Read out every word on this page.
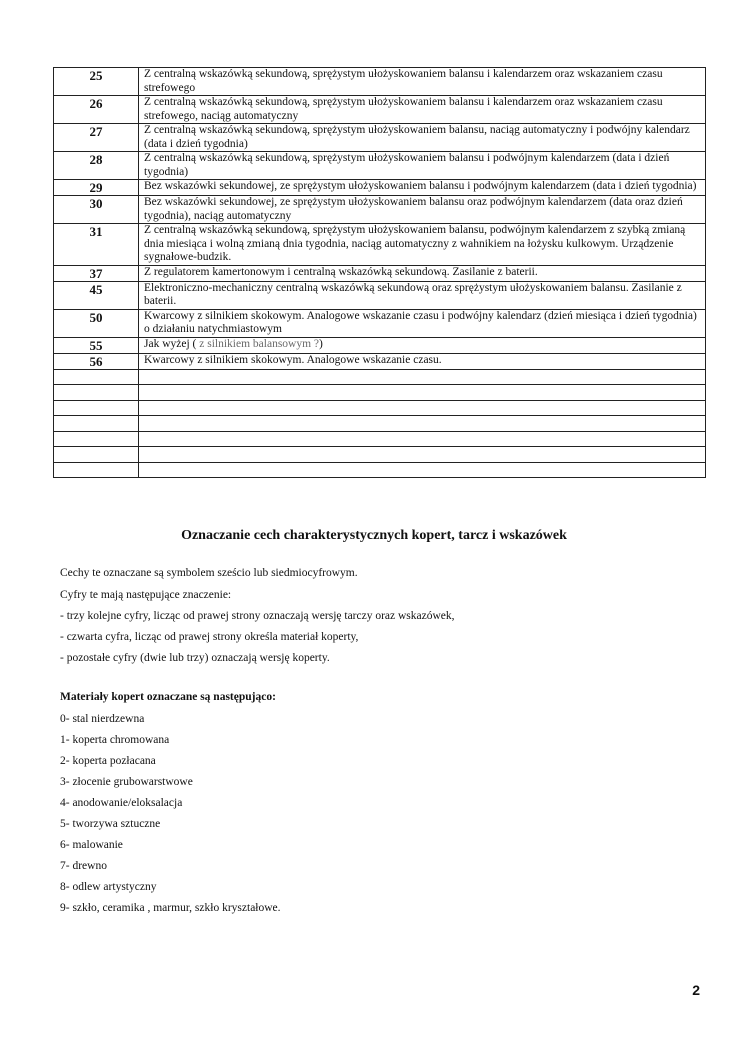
25	Z centralną wskazówką sekundową, sprężystym ułożyskowaniem balansu i kalendarzem oraz wskazaniem czasu strefowego
26	Z centralną wskazówką sekundową, sprężystym ułożyskowaniem balansu i kalendarzem oraz wskazaniem czasu strefowego, naciąg automatyczny
27	Z centralną wskazówką sekundową, sprężystym ułożyskowaniem balansu, naciąg automatyczny i podwójny kalendarz (data i dzień tygodnia)
28	Z centralną wskazówką sekundową, sprężystym ułożyskowaniem balansu i podwójnym kalendarzem (data i dzień tygodnia)
29	Bez wskazówki sekundowej, ze sprężystym ułożyskowaniem balansu i podwójnym kalendarzem (data i dzień tygodnia)
30	Bez wskazówki sekundowej, ze sprężystym ułożyskowaniem balansu oraz podwójnym kalendarzem (data oraz dzień tygodnia), naciąg automatyczny
31	Z centralną wskazówką sekundową, sprężystym ułożyskowaniem balansu, podwójnym kalendarzem z szybką zmianą dnia miesiąca i wolną zmianą dnia tygodnia, naciąg automatyczny z wahnikiem na łożysku kulkowym. Urządzenie sygnałowe-budzik.
37	Z regulatorem kamertonowym i centralną wskazówką sekundową. Zasilanie z baterii.
45	Elektroniczno-mechaniczny centralną wskazówką sekundową oraz sprężystym ułożyskowaniem balansu. Zasilanie z baterii.
50	Kwarcowy z silnikiem skokowym. Analogowe wskazanie czasu i podwójny kalendarz (dzień miesiąca i dzień tygodnia) o działaniu natychmiastowym
55	Jak wyżej ( z silnikiem balansowym ?)
56	Kwarcowy z silnikiem skokowym. Analogowe wskazanie czasu.

Oznaczanie cech charakterystycznych kopert, tarcz i wskazówek

Cechy te oznaczane są symbolem sześcio lub siedmiocyfrowym.

Cyfry te mają następujące znaczenie:

- trzy kolejne cyfry, licząc od prawej strony oznaczają wersję tarczy oraz wskazówek,

- czwarta cyfra, licząc od prawej strony określa materiał koperty,

- pozostałe cyfry (dwie lub trzy) oznaczają wersję koperty.

Materiały kopert oznaczane są następująco:

0- stal nierdzewna
1- koperta chromowana
2- koperta pozłacana
3- złocenie grubowarstwowe
4- anodowanie/eloksalacja
5- tworzywa sztuczne
6- malowanie
7- drewno
8- odlew artystyczny
9- szkło, ceramika , marmur, szkło kryształowe.
2
